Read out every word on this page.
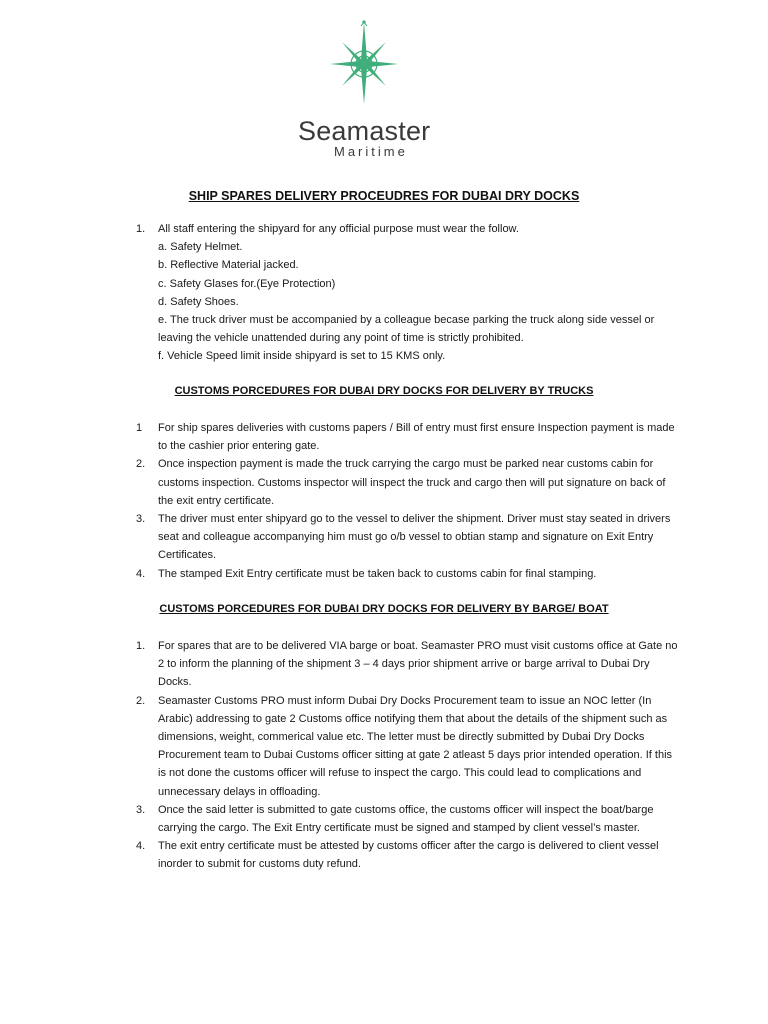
Seamaster
Maritime
SHIP SPARES DELIVERY PROCEUDRES FOR DUBAI DRY DOCKS
1. All staff entering the shipyard for any official purpose must wear the follow.
a. Safety Helmet.
b. Reflective Material jacked.
c. Safety Glases for.(Eye Protection)
d. Safety Shoes.
e. The truck driver must be accompanied by a colleague becase parking the truck along side vessel or leaving the vehicle unattended during any point of time is strictly prohibited.
f. Vehicle Speed limit inside shipyard is set to 15 KMS only.
CUSTOMS PORCEDURES FOR DUBAI DRY DOCKS FOR DELIVERY BY TRUCKS
1 For ship spares deliveries with customs papers / Bill of entry must first ensure Inspection payment is made to the cashier prior entering gate.
2. Once inspection payment is made the truck carrying the cargo must be parked near customs cabin for customs inspection. Customs inspector will inspect the truck and cargo then will put signature on back of the exit entry certificate.
3. The driver must enter shipyard go to the vessel to deliver the shipment. Driver must stay seated in drivers seat and colleague accompanying him must go o/b vessel to obtian stamp and signature on Exit Entry Certificates.
4. The stamped Exit Entry certificate must be taken back to customs cabin for final stamping.
CUSTOMS PORCEDURES FOR DUBAI DRY DOCKS FOR DELIVERY BY BARGE/ BOAT
1. For spares that are to be delivered VIA barge or boat. Seamaster PRO must visit customs office at Gate no 2 to inform the planning of the shipment 3 – 4 days prior shipment arrive or barge arrival to Dubai Dry Docks.
2. Seamaster Customs PRO must inform Dubai Dry Docks Procurement team to issue an NOC letter (In Arabic) addressing to gate 2 Customs office notifying them that about the details of the shipment such as dimensions, weight, commerical value etc. The letter must be directly submitted by Dubai Dry Docks Procurement team to Dubai Customs officer sitting at gate 2 atleast 5 days prior intended operation. If this is not done the customs officer will refuse to inspect the cargo. This could lead to complications and unnecessary delays in offloading.
3. Once the said letter is submitted to gate customs office, the customs officer will inspect the boat/barge carrying the cargo. The Exit Entry certificate must be signed and stamped by client vessel’s master.
4. The exit entry certificate must be attested by customs officer after the cargo is delivered to client vessel inorder to submit for customs duty refund.
